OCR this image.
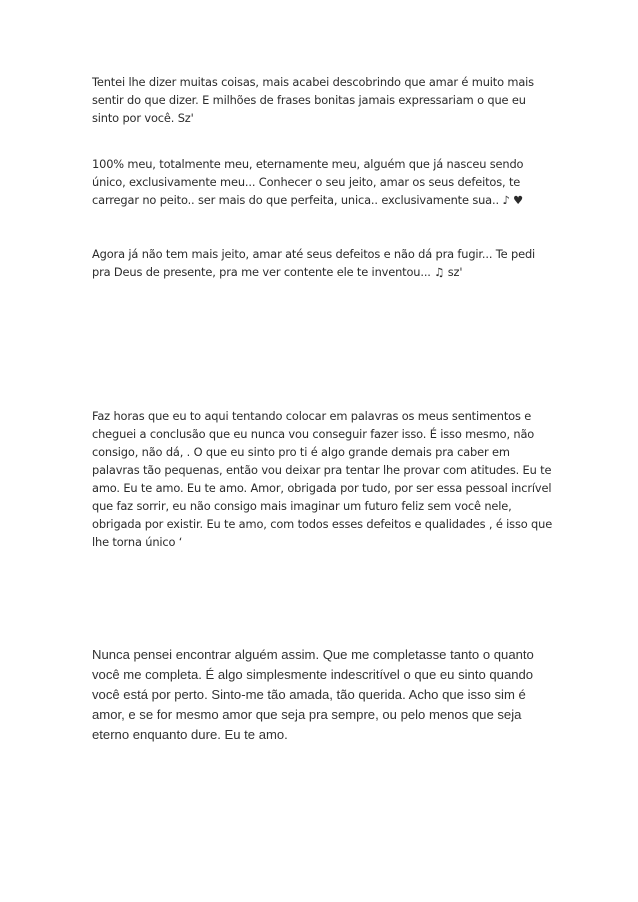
Tentei lhe dizer muitas coisas, mais acabei descobrindo que amar é muito mais sentir do que dizer. E milhões de frases bonitas jamais expressariam o que eu sinto por você. Sz'

100% meu, totalmente meu, eternamente meu, alguém que já nasceu sendo único, exclusivamente meu... Conhecer o seu jeito, amar os seus defeitos, te carregar no peito.. ser mais do que perfeita, unica.. exclusivamente sua.. ♪ ♥

Agora já não tem mais jeito, amar até seus defeitos e não dá pra fugir... Te pedi pra Deus de presente, pra me ver contente ele te inventou... ♫ sz'

Faz horas que eu to aqui tentando colocar em palavras os meus sentimentos e cheguei a conclusão que eu nunca vou conseguir fazer isso. É isso mesmo, não consigo, não dá, . O que eu sinto pro ti é algo grande demais pra caber em palavras tão pequenas, então vou deixar pra tentar lhe provar com atitudes. Eu te amo. Eu te amo. Eu te amo. Amor, obrigada por tudo, por ser essa pessoal incrível que faz sorrir, eu não consigo mais imaginar um futuro feliz sem você nele, obrigada por existir. Eu te amo, com todos esses defeitos e qualidades , é isso que lhe torna único ‘

Nunca pensei encontrar alguém assim. Que me completasse tanto o quanto você me completa. É algo simplesmente indescritível o que eu sinto quando você está por perto. Sinto-me tão amada, tão querida. Acho que isso sim é amor, e se for mesmo amor que seja pra sempre, ou pelo menos que seja eterno enquanto dure. Eu te amo.
